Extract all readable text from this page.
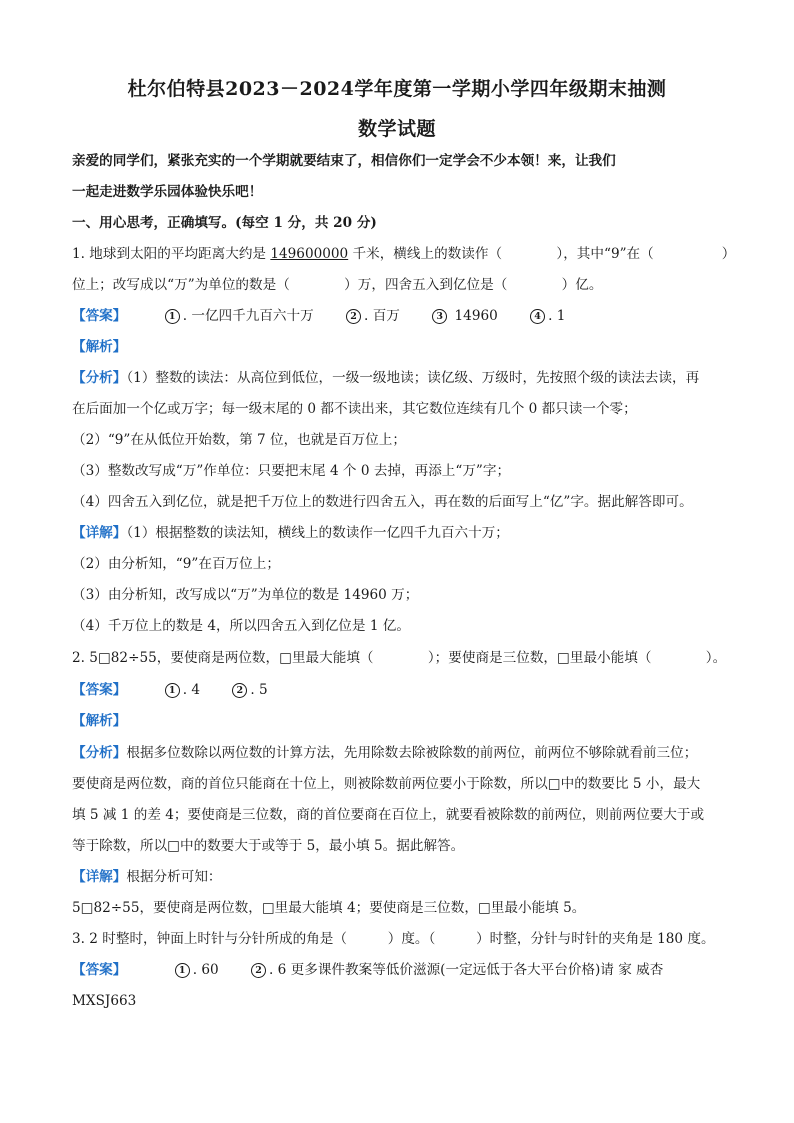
杜尔伯特县2023－2024学年度第一学期小学四年级期末抽测
数学试题
亲爱的同学们，紧张充实的一个学期就要结束了，相信你们一定学会不少本领！来，让我们
一起走进数学乐园体验快乐吧！
一、用心思考，正确填写。(每空 1 分，共 20 分)
1. 地球到太阳的平均距离大约是 149600000 千米，横线上的数读作（　　　　），其中“9”在（　　　　　）
位上；改写成以“万”为单位的数是（　　　　）万，四舍五入到亿位是（　　　　）亿。
【答案】	1 . 一亿四千九百六十万	2 . 百万	3 14960	4 . 1
【解析】
【分析】（1）整数的读法：从高位到低位，一级一级地读；读亿级、万级时，先按照个级的读法去读，再
在后面加一个亿或万字；每一级末尾的 0 都不读出来，其它数位连续有几个 0 都只读一个零；
（2）“9”在从低位开始数，第 7 位，也就是百万位上；
（3）整数改写成“万”作单位：只要把末尾 4 个 0 去掉，再添上“万”字；
（4）四舍五入到亿位，就是把千万位上的数进行四舍五入，再在数的后面写上“亿”字。据此解答即可。
【详解】（1）根据整数的读法知，横线上的数读作一亿四千九百六十万；
（2）由分析知，“9”在百万位上；
（3）由分析知，改写成以“万”为单位的数是 14960 万；
（4）千万位上的数是 4，所以四舍五入到亿位是 1 亿。
2. 5□82÷55，要使商是两位数，□里最大能填（　　　　）；要使商是三位数，□里最小能填（　　　　）。
【答案】	1 . 4	2 . 5
【解析】
【分析】根据多位数除以两位数的计算方法，先用除数去除被除数的前两位，前两位不够除就看前三位；
要使商是两位数，商的首位只能商在十位上，则被除数前两位要小于除数，所以□中的数要比 5 小，最大
填 5 减 1 的差 4；要使商是三位数，商的首位要商在百位上，就要看被除数的前两位，则前两位要大于或
等于除数，所以□中的数要大于或等于 5，最小填 5。据此解答。
【详解】根据分析可知：
5□82÷55，要使商是两位数，□里最大能填 4；要使商是三位数，□里最小能填 5。
3. 2 时整时，钟面上时针与分针所成的角是（　　　）度。（　　　）时整，分针与时针的夹角是 180 度。
【答案】	1 . 60	2 . 6 更多课件教案等低价滋源(一定远低于各大平台价格)请 家 威杏
MXSJ663
